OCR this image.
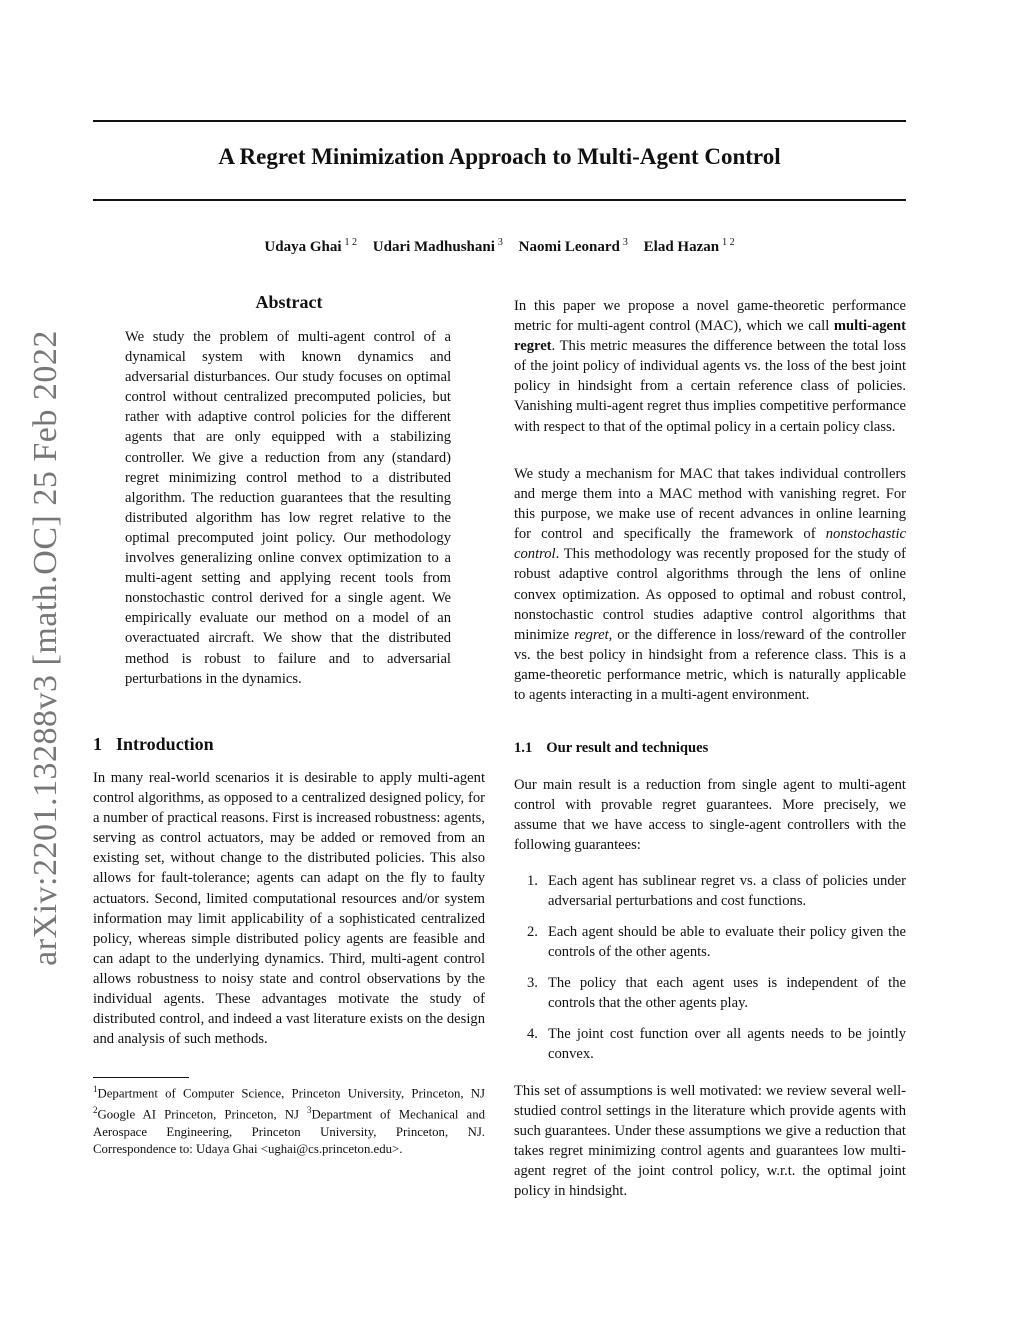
A Regret Minimization Approach to Multi-Agent Control
Udaya Ghai $^{1 2}$ Udari Madhushani $^3$ Naomi Leonard $^3$ Elad Hazan $^{1 2}$
arXiv:2201.13288v3 [math.OC] 25 Feb 2022
Abstract

We study the problem of multi-agent control of a dynamical system with known dynamics and adversarial disturbances. Our study focuses on optimal control without centralized precomputed policies, but rather with adaptive control policies for the different agents that are only equipped with a stabilizing controller. We give a reduction from any (standard) regret minimizing control method to a distributed algorithm. The reduction guarantees that the resulting distributed algorithm has low regret relative to the optimal precomputed joint policy. Our methodology involves generalizing online convex optimization to a multi-agent setting and applying recent tools from nonstochastic control derived for a single agent. We empirically evaluate our method on a model of an overactuated aircraft. We show that the distributed method is robust to failure and to adversarial perturbations in the dynamics.

1 Introduction

In many real-world scenarios it is desirable to apply multi-agent control algorithms, as opposed to a centralized designed policy, for a number of practical reasons. First is increased robustness: agents, serving as control actuators, may be added or removed from an existing set, without change to the distributed policies. This also allows for fault-tolerance; agents can adapt on the fly to faulty actuators. Second, limited computational resources and/or system information may limit applicability of a sophisticated centralized policy, whereas simple distributed policy agents are feasible and can adapt to the underlying dynamics. Third, multi-agent control allows robustness to noisy state and control observations by the individual agents. These advantages motivate the study of distributed control, and indeed a vast literature exists on the design and analysis of such methods.

$^1$Department of Computer Science, Princeton University, Princeton, NJ $^2$Google AI Princeton, Princeton, NJ $^3$Department of Mechanical and Aerospace Engineering, Princeton University, Princeton, NJ. Correspondence to: Udaya Ghai <ughai@cs.princeton.edu>.

In this paper we propose a novel game-theoretic performance metric for multi-agent control (MAC), which we call multi-agent regret. This metric measures the difference between the total loss of the joint policy of individual agents vs. the loss of the best joint policy in hindsight from a certain reference class of policies. Vanishing multi-agent regret thus implies competitive performance with respect to that of the optimal policy in a certain policy class.

We study a mechanism for MAC that takes individual controllers and merge them into a MAC method with vanishing regret. For this purpose, we make use of recent advances in online learning for control and specifically the framework of nonstochastic control. This methodology was recently proposed for the study of robust adaptive control algorithms through the lens of online convex optimization. As opposed to optimal and robust control, nonstochastic control studies adaptive control algorithms that minimize regret, or the difference in loss/reward of the controller vs. the best policy in hindsight from a reference class. This is a game-theoretic performance metric, which is naturally applicable to agents interacting in a multi-agent environment.

1.1 Our result and techniques

Our main result is a reduction from single agent to multi-agent control with provable regret guarantees. More precisely, we assume that we have access to single-agent controllers with the following guarantees:

1. Each agent has sublinear regret vs. a class of policies under adversarial perturbations and cost functions.
2. Each agent should be able to evaluate their policy given the controls of the other agents.
3. The policy that each agent uses is independent of the controls that the other agents play.
4. The joint cost function over all agents needs to be jointly convex.

This set of assumptions is well motivated: we review several well-studied control settings in the literature which provide agents with such guarantees. Under these assumptions we give a reduction that takes regret minimizing control agents and guarantees low multi-agent regret of the joint control policy, w.r.t. the optimal joint policy in hindsight.
